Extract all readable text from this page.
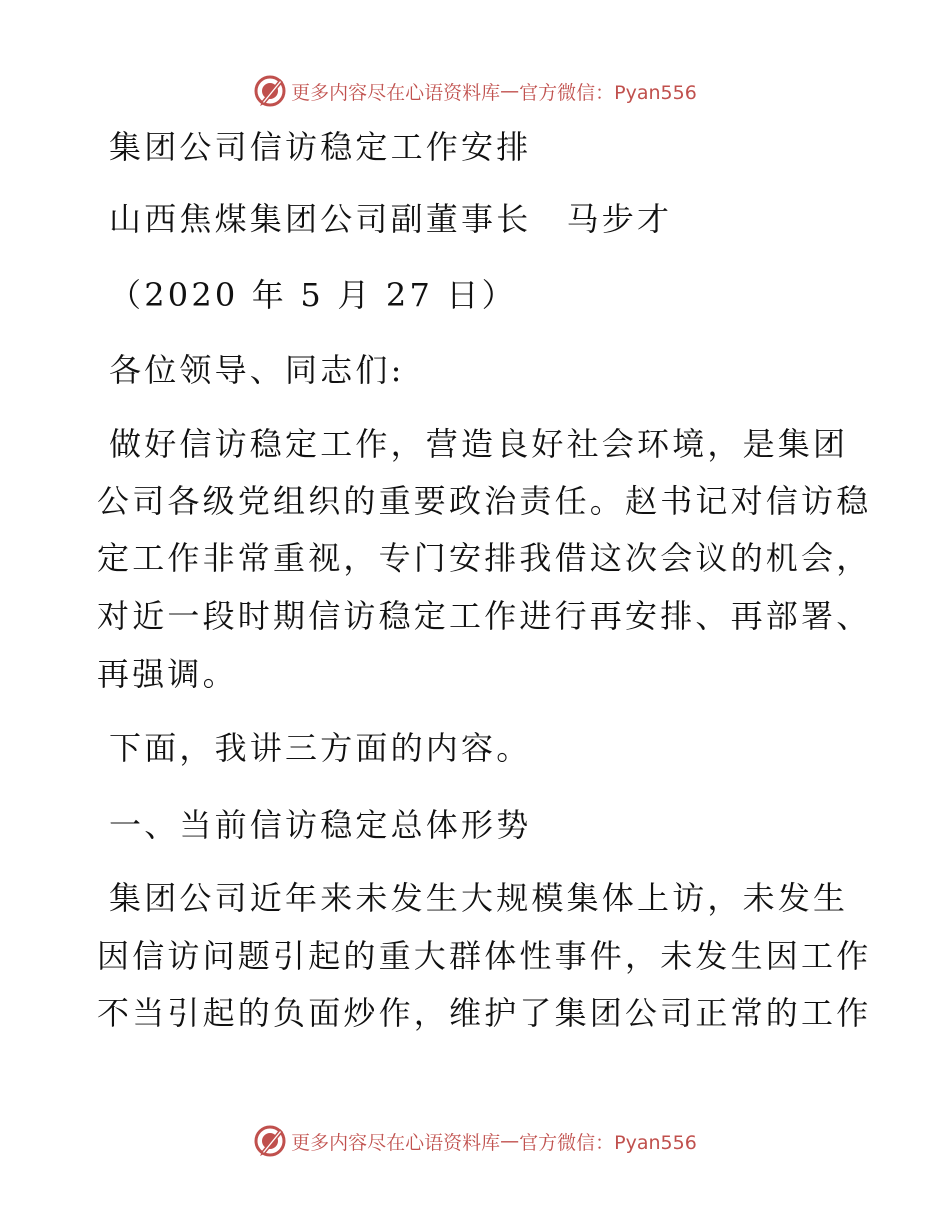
更多内容尽在心语资料库 — 官方微信：Pyan556
集团公司信访稳定工作安排
山西焦煤集团公司副董事长　马步才
（2020 年 5 月 27 日）
各位领导、同志们:
做好信访稳定工作，营造良好社会环境，是集团
公司各级党组织的重要政治责任。赵书记对信访稳
定工作非常重视，专门安排我借这次会议的机会，
对近一段时期信访稳定工作进行再安排、再部署、
再强调。
下面，我讲三方面的内容。
一、当前信访稳定总体形势
集团公司近年来未发生大规模集体上访，未发生
因信访问题引起的重大群体性事件，未发生因工作
不当引起的负面炒作，维护了集团公司正常的工作
更多内容尽在心语资料库 — 官方微信：Pyan556
